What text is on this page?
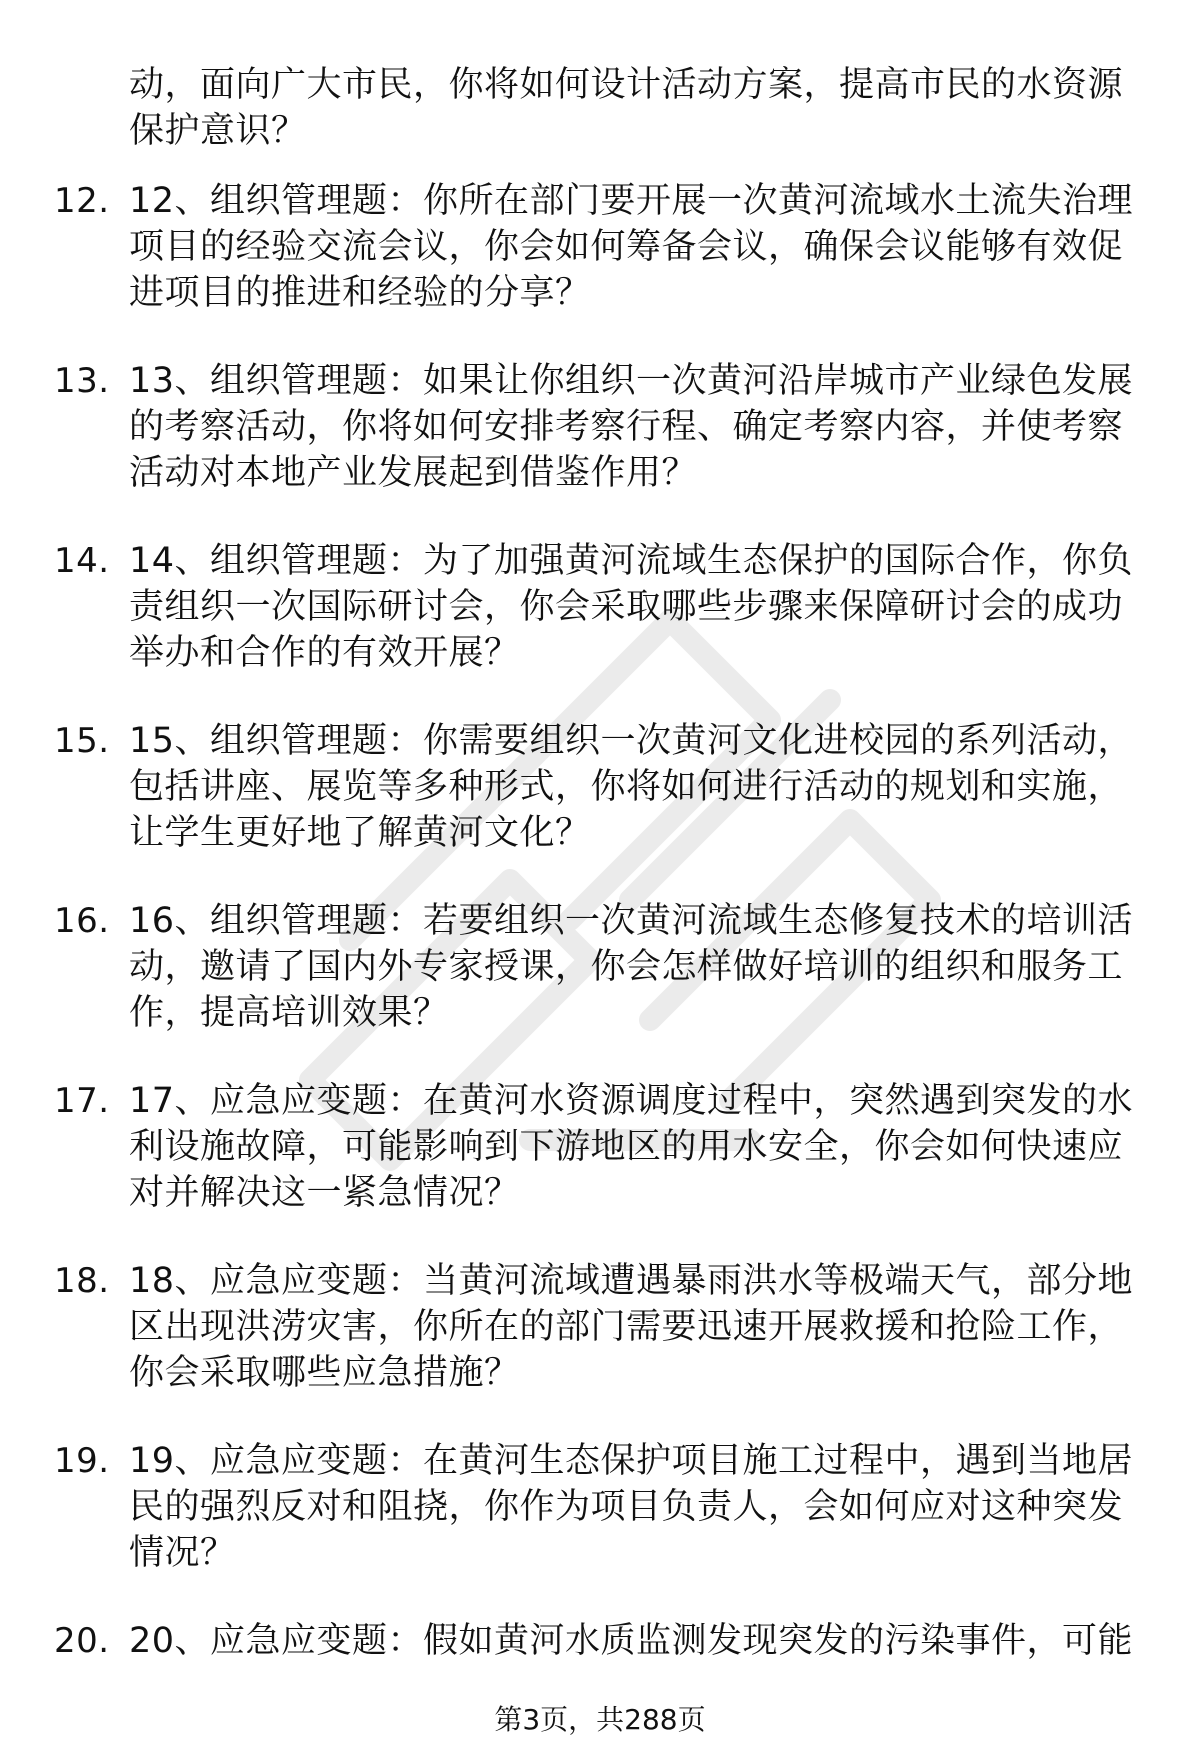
动，面向广大市民，你将如何设计活动方案，提高市民的水资源保护意识？

12. 12、组织管理题：你所在部门要开展一次黄河流域水土流失治理项目的经验交流会议，你会如何筹备会议，确保会议能够有效促进项目的推进和经验的分享？
13. 13、组织管理题：如果让你组织一次黄河沿岸城市产业绿色发展的考察活动，你将如何安排考察行程、确定考察内容，并使考察活动对本地产业发展起到借鉴作用？
14. 14、组织管理题：为了加强黄河流域生态保护的国际合作，你负责组织一次国际研讨会，你会采取哪些步骤来保障研讨会的成功举办和合作的有效开展？
15. 15、组织管理题：你需要组织一次黄河文化进校园的系列活动，包括讲座、展览等多种形式，你将如何进行活动的规划和实施，让学生更好地了解黄河文化？
16. 16、组织管理题：若要组织一次黄河流域生态修复技术的培训活动，邀请了国内外专家授课，你会怎样做好培训的组织和服务工作，提高培训效果？
17. 17、应急应变题：在黄河水资源调度过程中，突然遇到突发的水利设施故障，可能影响到下游地区的用水安全，你会如何快速应对并解决这一紧急情况？
18. 18、应急应变题：当黄河流域遭遇暴雨洪水等极端天气，部分地区出现洪涝灾害，你所在的部门需要迅速开展救援和抢险工作，你会采取哪些应急措施？
19. 19、应急应变题：在黄河生态保护项目施工过程中，遇到当地居民的强烈反对和阻挠，你作为项目负责人，会如何应对这种突发情况？
20. 20、应急应变题：假如黄河水质监测发现突发的污染事件，可能
第3页，共288页
